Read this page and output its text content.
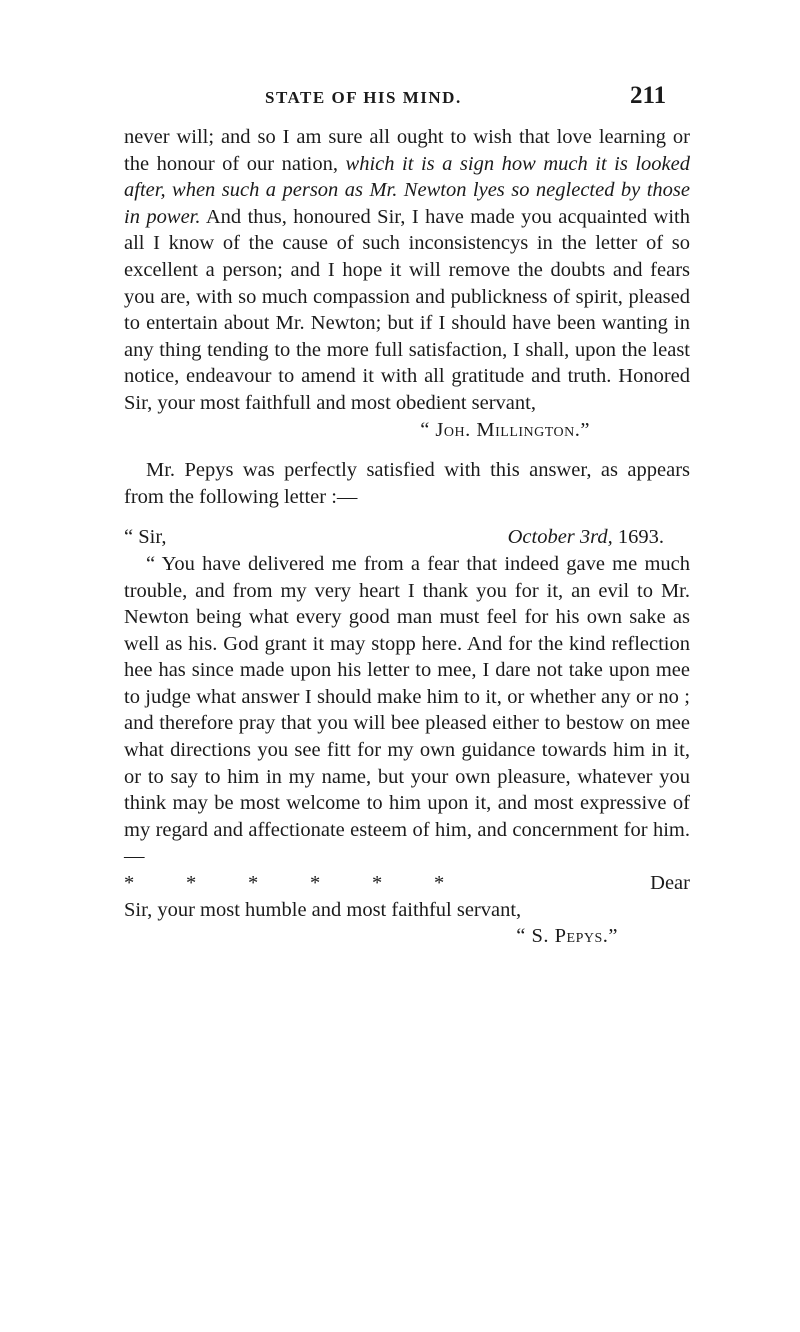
STATE OF HIS MIND.	211

never will; and so I am sure all ought to wish that love learning or the honour of our nation, which it is a sign how much it is looked after, when such a person as Mr. Newton lyes so neglected by those in power. And thus, honoured Sir, I have made you acquainted with all I know of the cause of such inconsistencys in the letter of so excellent a person; and I hope it will remove the doubts and fears you are, with so much compassion and publickness of spirit, pleased to entertain about Mr. Newton; but if I should have been wanting in any thing tending to the more full satisfaction, I shall, upon the least notice, endeavour to amend it with all gratitude and truth. Honored Sir, your most faithfull and most obedient servant,

“ Joh. Millington.”

Mr. Pepys was perfectly satisfied with this answer, as appears from the following letter :—

“ Sir,	October 3rd, 1693.

“ You have delivered me from a fear that indeed gave me much trouble, and from my very heart I thank you for it, an evil to Mr. Newton being what every good man must feel for his own sake as well as his. God grant it may stopp here. And for the kind reflection hee has since made upon his letter to mee, I dare not take upon mee to judge what answer I should make him to it, or whether any or no ; and therefore pray that you will bee pleased either to bestow on mee what directions you see fitt for my own guidance towards him in it, or to say to him in my name, but your own pleasure, whatever you think may be most welcome to him upon it, and most expressive of my regard and affectionate esteem of him, and concernment for him.—

*	*	*	*	*	*	Dear

Sir, your most humble and most faithful servant,

“ S. Pepys.”
